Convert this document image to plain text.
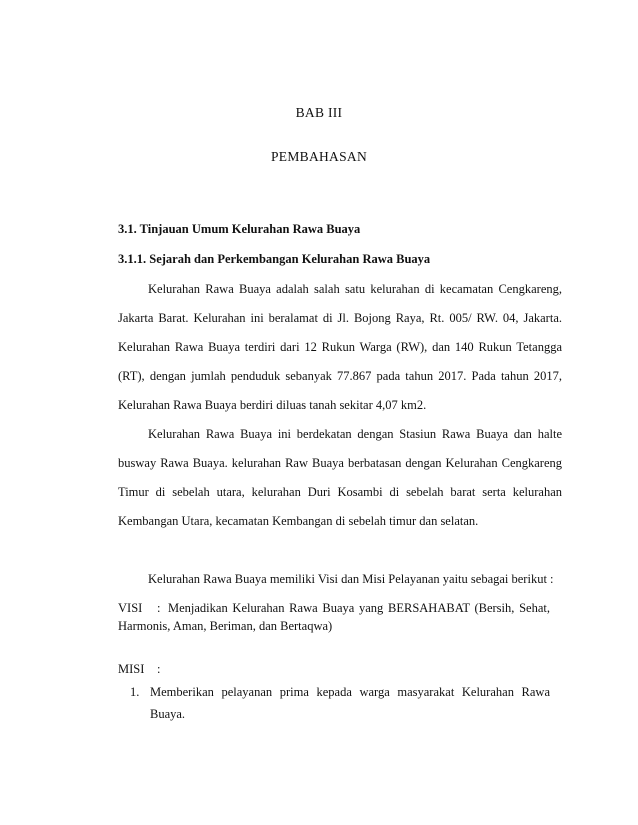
BAB III

PEMBAHASAN

3.1. Tinjauan Umum Kelurahan Rawa Buaya

3.1.1. Sejarah dan Perkembangan Kelurahan Rawa Buaya

Kelurahan Rawa Buaya adalah salah satu kelurahan di kecamatan Cengkareng,

Jakarta Barat. Kelurahan ini beralamat di Jl. Bojong Raya, Rt. 005/ RW. 04, Jakarta.

Kelurahan Rawa Buaya terdiri dari 12 Rukun Warga (RW), dan 140 Rukun Tetangga

(RT), dengan jumlah penduduk sebanyak 77.867 pada tahun 2017. Pada tahun 2017,

Kelurahan Rawa Buaya berdiri diluas tanah sekitar 4,07 km2.

Kelurahan Rawa Buaya ini berdekatan dengan Stasiun Rawa Buaya dan halte

busway Rawa Buaya. kelurahan Raw Buaya berbatasan dengan Kelurahan Cengkareng

Timur di sebelah utara, kelurahan Duri Kosambi di sebelah barat serta kelurahan

Kembangan Utara, kecamatan Kembangan di sebelah timur dan selatan.

Kelurahan Rawa Buaya memiliki Visi dan Misi Pelayanan yaitu sebagai berikut :

VISI : Menjadikan Kelurahan Rawa Buaya yang BERSAHABAT (Bersih, Sehat,

Harmonis, Aman, Beriman, dan Bertaqwa)

MISI :

1. Memberikan pelayanan prima kepada warga masyarakat Kelurahan Rawa

Buaya.
